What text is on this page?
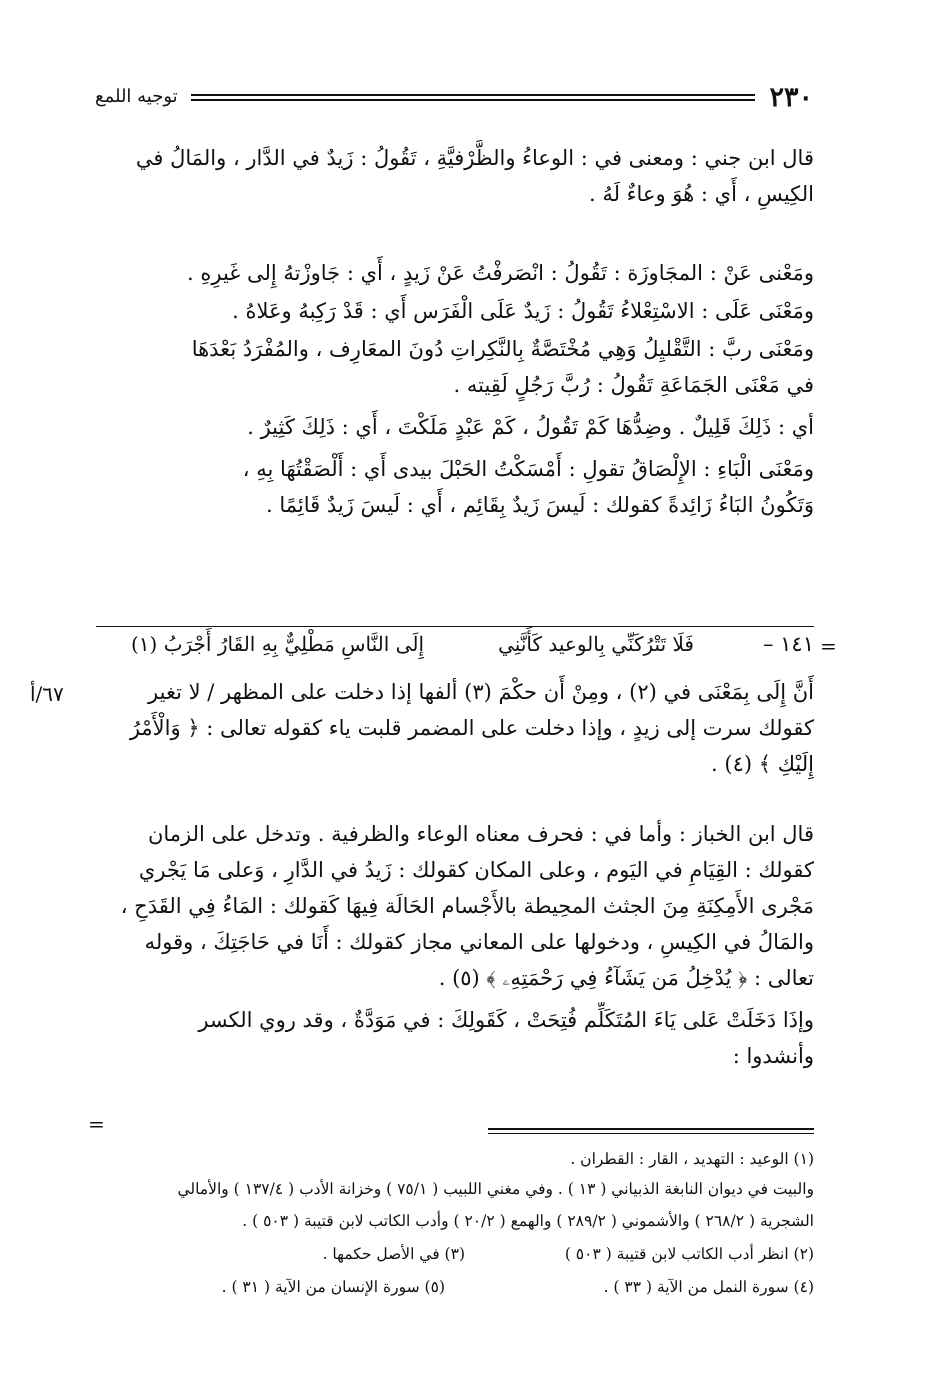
٢٣٠
توجيه اللمع
قال ابن جني : ومعنى في : الوعاءُ والظَّرْفيَّةِ ، تَقُولُ : زَيدٌ في الدَّار ، والمَالُ في
الكِيسِ ، أَي : هُوَ وعاءٌ لَهُ .
ومَعْنى عَنْ : المجَاوزَة : تَقُولُ : انْصَرفْتُ عَنْ زَيدٍ ، أَي : جَاوزْتهُ إِلى غَيرِهِ .
ومَعْنَى عَلَى : الاسْتِعْلاءُ تَقُولُ : زَيدٌ عَلَى الْفَرَس أَي : قَدْ رَكِبهُ وعَلاهُ .
ومَعْنَى ربَّ : التَّقْليِلُ وَهِي مُخْتَصَّةٌ بِالنَّكِراتِ دُونَ المعَارِف ، والمُفْرَدُ بَعْدَهَا
في مَعْنَى الجَمَاعَةِ تَقُولُ : رُبَّ رَجُلٍ لَقِيته .
أي : ذَلِكَ قَلِيلٌ . وضِدُّهَا كَمْ تَقُولُ ، كَمْ عَبْدٍ مَلَكْتَ ، أَي : ذَلِكَ كَثِيرٌ .
ومَعْنَى الْبَاءِ : الإِلْصَاقُ تقولِ : أَمْسَكْتُ الحَبْلَ بيدى أَي : أَلْصَقْتُهَا بِهِ ،
وَتَكُونُ البَاءُ زَائِدةً كقولك : لَيسَ زَيدٌ بِقَائِم ، أَي : لَيسَ زَيدٌ قَائِمًا .
١٤١ –
فَلَا تَتْرُكَنِّي بِالوعيد كَأَنَّنِي
إِلَى النَّاسِ مَطْلِيٌّ بِهِ القَارُ أَجْرَبُ (١)
أَنَّ إِلَى بِمَعْنَى في (٢) ، ومِنْ أَن حكْمَ (٣) ألفها إذا دخلت على المظهر / لا تغير
كقولك سرت إلى زيدٍ ، وإذا دخلت على المضمر قلبت ياء كقوله تعالى : ﴿ وَالْأَمْرُ
إِلَيْكِ ﴾ (٤) .
قال ابن الخباز : وأما في : فحرف معناه الوعاء والظرفية . وتدخل على الزمان
كقولك : القِيَامِ في اليَوم ، وعلى المكان كقولك : زَيدُ في الدَّارِ ، وَعلى مَا يَجْري
مَجْرى الأَمِكِنَةِ مِنَ الجثث المحِيطة بالأَجْسام الحَالَة فِيهَا كَقولك : المَاءُ فِي القَدَحِ ،
والمَالُ في الكِيسِ ، ودخولها على المعاني مجاز كقولك : أَنَا في حَاجَتِكَ ، وقوله
تعالى : ﴿ يُدْخِلُ مَن يَشَآءُ فِي رَحْمَتِهِۦ ﴾ (٥) .
وإذَا دَخَلَتْ عَلى يَاءَ المُتَكَلِّم فُتِحَتْ ، كَقَولِكَ : في مَوَدَّةٌ ، وقد روي الكسر
وأنشدوا :
=
٦٧/أ
=
(١) الوعيد : التهديد ، القار : القطران .
والبيت في ديوان النابغة الذبياني ( ١٣ ) . وفي مغني اللبيب ( ٧٥/١ ) وخزانة الأدب ( ١٣٧/٤ ) والأمالي
الشجرية ( ٢٦٨/٢ ) والأشموني ( ٢٨٩/٢ ) والهمع ( ٢٠/٢ ) وأدب الكاتب لابن قتيبة ( ٥٠٣ ) .
(٢) انظر أدب الكاتب لابن قتيبة ( ٥٠٣ )
(٣) في الأصل حكمها .
(٤) سورة النمل من الآية ( ٣٣ ) .
(٥) سورة الإنسان من الآية ( ٣١ ) .
